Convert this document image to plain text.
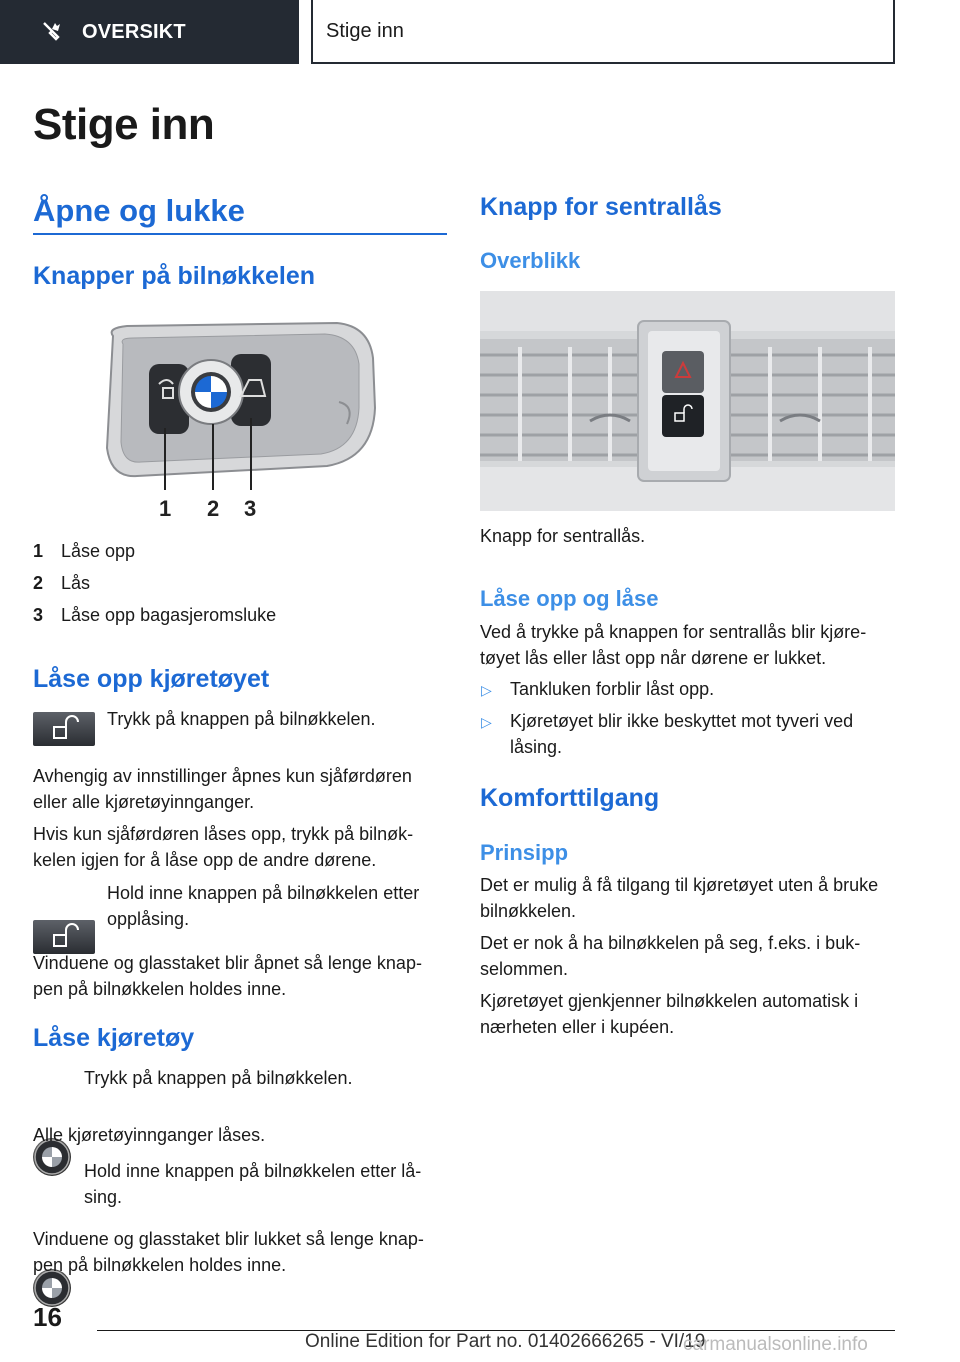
OVERSIKT	Stige inn
Stige inn
Åpne og lukke
Knapper på bilnøkkelen
1 2 3
1 Låse opp
2 Lås
3 Låse opp bagasjeromsluke
Låse opp kjøretøyet

Trykk på knappen på bilnøkkelen.

Avhengig av innstillinger åpnes kun sjåførdøren eller alle kjøretøyinnganger.

Hvis kun sjåførdøren låses opp, trykk på bilnøk-kelen igjen for å låse opp de andre dørene.

Hold inne knappen på bilnøkkelen etter opplåsing.

Vinduene og glasstaket blir åpnet så lenge knap-pen på bilnøkkelen holdes inne.

Låse kjøretøy

Trykk på knappen på bilnøkkelen.

Alle kjøretøyinnganger låses.

Hold inne knappen på bilnøkkelen etter lå-sing.

Vinduene og glasstaket blir lukket så lenge knap-pen på bilnøkkelen holdes inne.

Knapp for sentrallås
Overblikk

Knapp for sentrallås.

Låse opp og låse

Ved å trykke på knappen for sentrallås blir kjøre-tøyet lås eller låst opp når dørene er lukket.

▷	Tankluken forblir låst opp.

▷	Kjøretøyet blir ikke beskyttet mot tyveri ved låsing.

Komforttilgang
Prinsipp

Det er mulig å få tilgang til kjøretøyet uten å bruke bilnøkkelen.

Det er nok å ha bilnøkkelen på seg, f.eks. i buk-selommen.

Kjøretøyet gjenkjenner bilnøkkelen automatisk i nærheten eller i kupéen.

16
Online Edition for Part no. 01402666265 - VI/19
carmanualsonline.info
